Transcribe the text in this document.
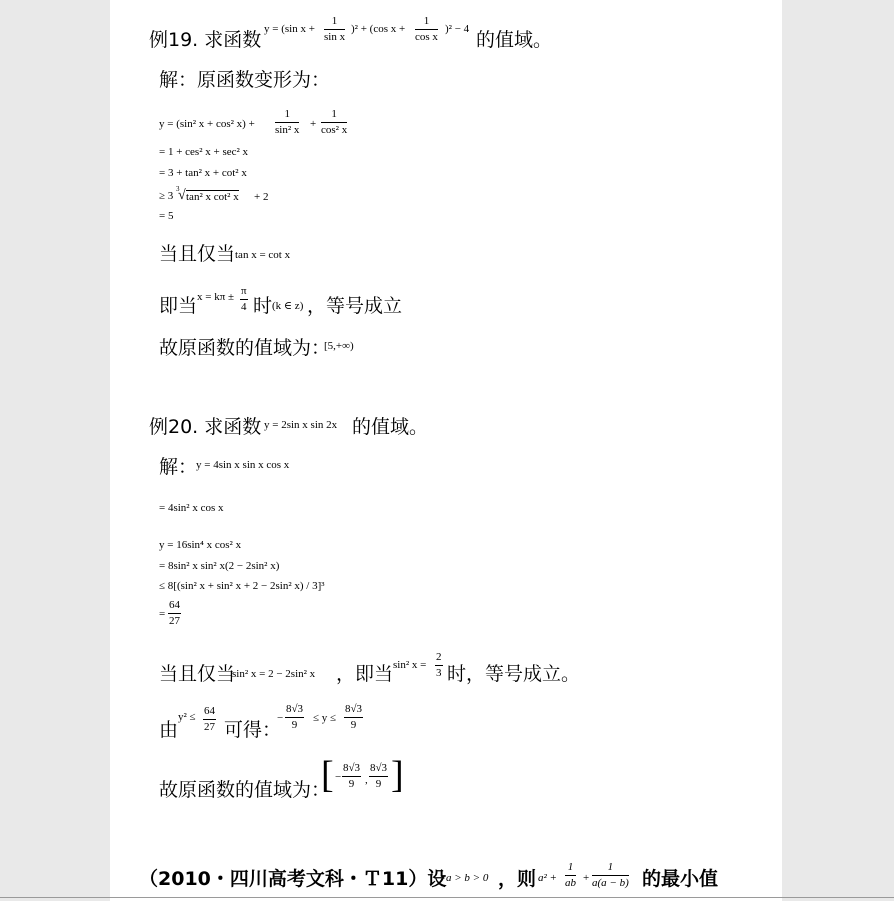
例19. 求函数 y = (sin $x + \frac{1}{\text{sin x}} )^2 + (\cos$ $x + \frac{1}{\text{cos x}} )^2 - 4$ 的值域。
解：原函数变形为：
y = (sin² x + cos² $x) + \frac{1}{\text{sin² x}} + \frac{1}{\text{cos² x}}$
= 1 + ces² x + sec² x
= 3 + tan² x + cot² x
≥ 3
3
√ tan² x cot² x + 2
= 5
当且仅当 tan x = cot x
即当 $x = k\pi \pm \frac{\pi}{4}$ 时 (k ∈ z) ，等号成立
故原函数的值域为：
[5,+∞)
例20. 求函数 y = 2sin x sin 2x 的值域。
解：
y = 4sin x sin x cos x
= 4sin² x cos x
y = 16sin⁴ x cos² x
= 8sin² x sin² x(2 − 2sin² x)
≤ 8[(sin² x + sin² x + 2 − 2sin² x) / 3]³
= $\frac{64}{27}$
当且仅当
sin² x = 2 − 2sin² x ，即当 sin² $x = \frac{2}{3}$ 时，等号成立。
由
$y^2 \le \frac{64}{27}$ 可得：
− $\frac{8√3}{9} \le y \le \frac{8√3}{9}$
故原函数的值域为：
[ − $\frac{8√3}{9}$ , $\frac{8√3}{9}$ ]
（2010・四川高考文科・Ｔ11）设 a > b > 0 ，则 $a^2 + \frac{1}{ab} + \frac{1}{a(a - b)}$ 的最小值
